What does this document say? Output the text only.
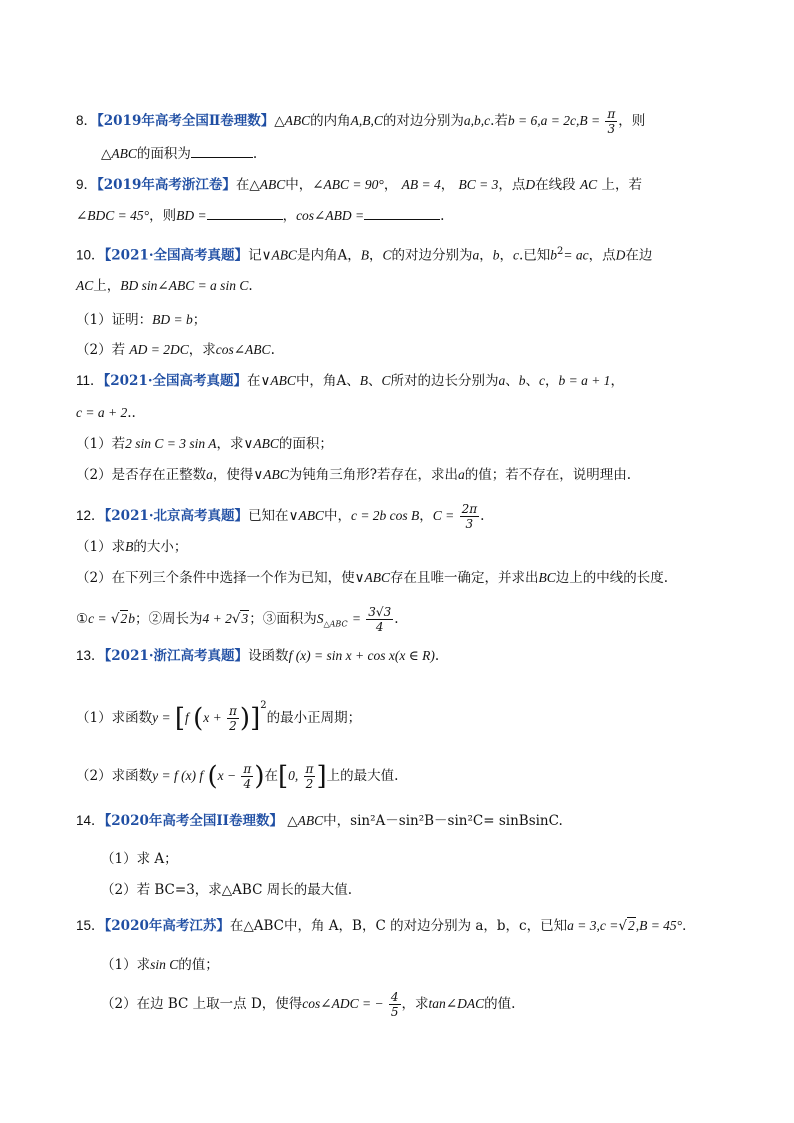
8．【2019年高考全国Ⅱ卷理数】△ABC的内角A,B,C的对边分别为a,b,c.若$b = 6,a = 2c,B = \frac{\pi}{3}$ ，则
△ABC的面积为	.
9．【2019年高考浙江卷】在△ABC中，∠ABC = 90°， AB = 4， BC = 3，点D在线段 AC 上，若
∠BDC = 45°，则BD =	，cos∠ABD =	.
10．【2021·全国高考真题】记∨ABC是内角A，B，C的对边分别为a，b，c.已知$b^2=$ ac，点D在边
AC上，BD sin∠ABC = a sin C.
（1）证明：BD = b；
（2）若 AD = 2DC，求cos∠ABC.
11．【2021·全国高考真题】在∨ABC中，角A、B、C所对的边长分别为a、b、c，b = a + 1，
c = a + 2..
（1）若2 sin C = 3 sin A，求∨ABC的面积；
（2）是否存在正整数a，使得∨ABC为钝角三角形?若存在，求出a的值；若不存在，说明理由.
12．【2021·北京高考真题】已知在∨ABC中，c = 2b cos B，$C = \frac{2\pi}{3}$ .
（1）求B的大小；
（2）在下列三个条件中选择一个作为已知，使∨ABC存在且唯一确定，并求出BC边上的中线的长度.
①c = √2b；②周长为4 + 2√3；③面积为$S_{\triangle ABC} = \frac{3√3}{4}$ .
13．【2021·浙江高考真题】设函数f (x) = sin x + cos x(x ∈ R).
（1）求函数y = [f $(x + \frac{\pi}{2} )]^2$的最小正周期；
（2）求函数y = f (x) f ($x - \frac{\pi}{4}$ )在[0, $\frac{\pi}{2}$ ]上的最大值.
14．【2020年高考全国II卷理数】 △ABC中，sin²A－sin²B－sin²C= sinBsinC.
（1）求 A；
（2）若 BC=3，求△ABC 周长的最大值.
15．【2020年高考江苏】在△ABC中，角 A，B，C 的对边分别为 a，b，c，已知a = 3,c =√2,B = 45°．
（1）求sin C的值；
（2）在边 BC 上取一点 D，使得cos∠ADC = − $\frac{4}{5}$ ，求tan∠DAC的值.
